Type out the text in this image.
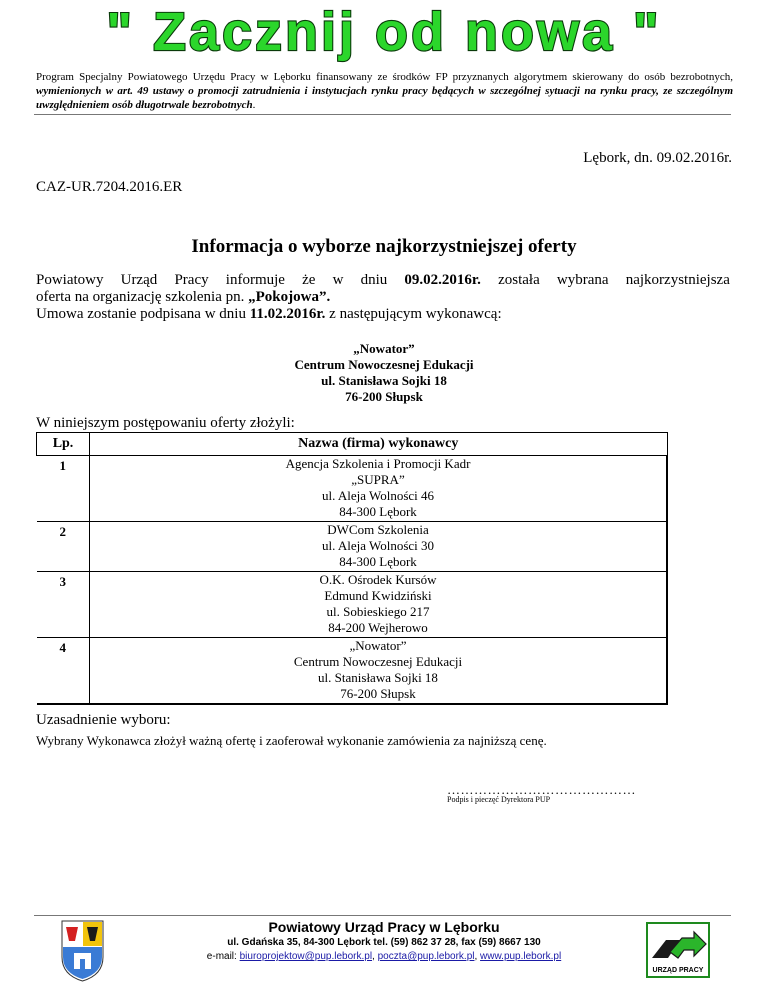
" Zacznij od nowa "
Program Specjalny Powiatowego Urzędu Pracy w Lęborku finansowany ze środków FP przyznanych algorytmem skierowany do osób bezrobotnych, wymienionych w art. 49 ustawy o promocji zatrudnienia i instytucjach rynku pracy będących w szczególnej sytuacji na rynku pracy, ze szczególnym uwzględnieniem osób długotrwale bezrobotnych.
Lębork, dn. 09.02.2016r.
CAZ-UR.7204.2016.ER
Informacja o wyborze najkorzystniejszej oferty
Powiatowy Urząd Pracy informuje że w dniu 09.02.2016r. została wybrana najkorzystniejsza
oferta na organizację szkolenia pn. „Pokojowa”.
Umowa zostanie podpisana w dniu 11.02.2016r. z następującym wykonawcą:
„Nowator”
Centrum Nowoczesnej Edukacji
ul. Stanisława Sojki 18
76-200 Słupsk
W niniejszym postępowaniu oferty złożyli:
Lp.	Nazwa (firma) wykonawcy
1	Agencja Szkolenia i Promocji Kadr
„SUPRA”
ul. Aleja Wolności 46
84-300 Lębork

2	DWCom Szkolenia
ul. Aleja Wolności 30
84-300 Lębork

3	O.K. Ośrodek Kursów
Edmund Kwidziński
ul. Sobieskiego 217
84-200 Wejherowo

4	„Nowator”
Centrum Nowoczesnej Edukacji
ul. Stanisława Sojki 18
76-200 Słupsk
Uzasadnienie wyboru:
Wybrany Wykonawca złożył ważną ofertę i zaoferował wykonanie zamówienia za najniższą cenę.
……………………………………
Podpis i pieczęć Dyrektora PUP
Powiatowy Urząd Pracy w Lęborku
ul. Gdańska 35, 84-300 Lębork tel. (59) 862 37 28, fax (59) 8667 130
e-mail: biuroprojektow@pup.lebork.pl, poczta@pup.lebork.pl, www.pup.lebork.pl
URZĄD PRACY
